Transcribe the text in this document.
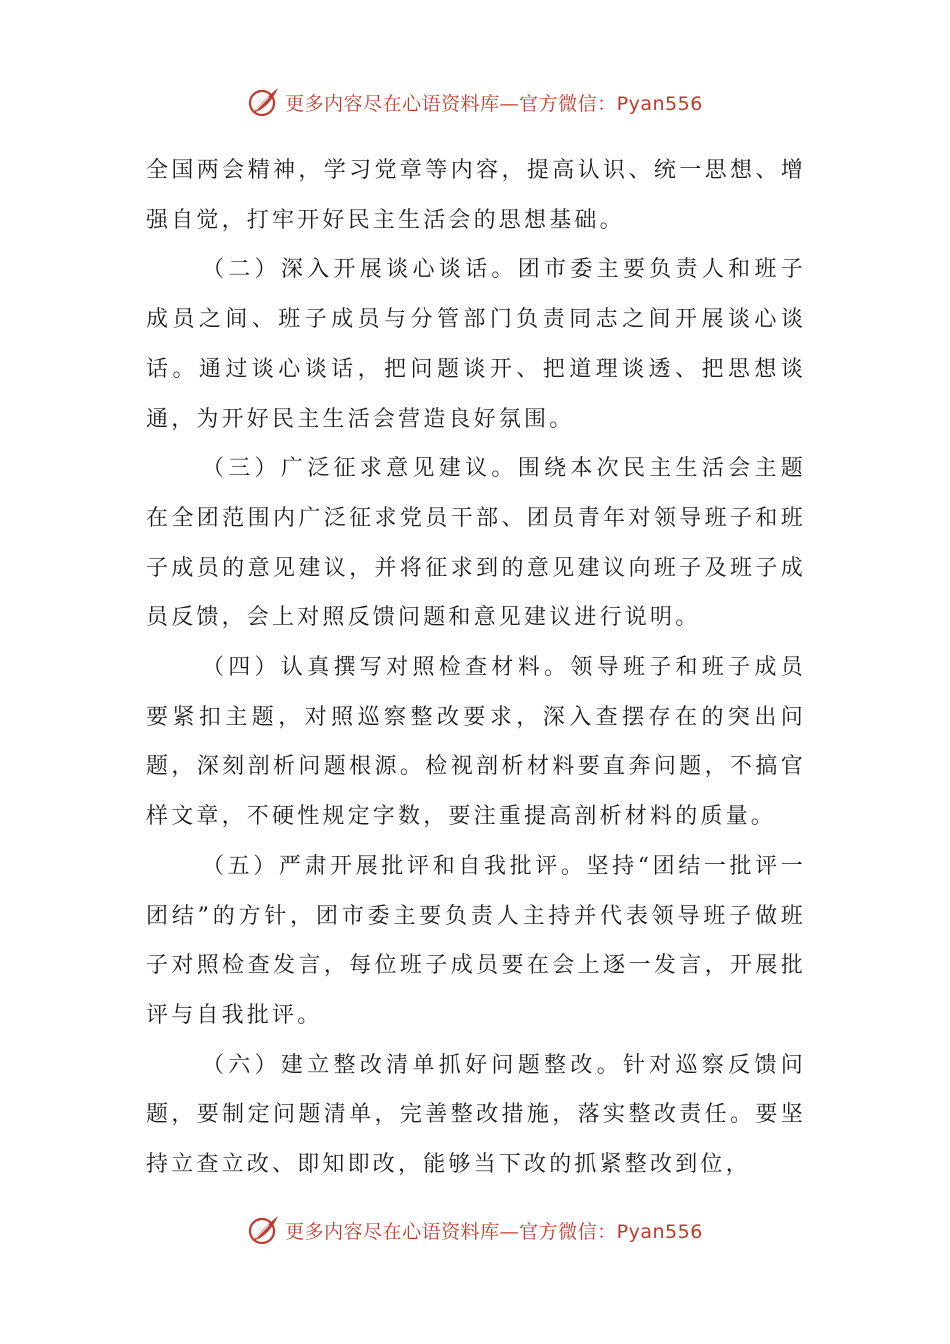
更多内容尽在心语资料库—官方微信：Pyan556

全国两会精神，学习党章等内容，提高认识、统一思想、增强自觉，打牢开好民主生活会的思想基础。

（二）深入开展谈心谈话。团市委主要负责人和班子成员之间、班子成员与分管部门负责同志之间开展谈心谈话。通过谈心谈话，把问题谈开、把道理谈透、把思想谈通，为开好民主生活会营造良好氛围。

（三）广泛征求意见建议。围绕本次民主生活会主题在全团范围内广泛征求党员干部、团员青年对领导班子和班子成员的意见建议，并将征求到的意见建议向班子及班子成员反馈，会上对照反馈问题和意见建议进行说明。

（四）认真撰写对照检查材料。领导班子和班子成员要紧扣主题，对照巡察整改要求，深入查摆存在的突出问题，深刻剖析问题根源。检视剖析材料要直奔问题，不搞官样文章，不硬性规定字数，要注重提高剖析材料的质量。

（五）严肃开展批评和自我批评。坚持“团结一批评一团结”的方针，团市委主要负责人主持并代表领导班子做班子对照检查发言，每位班子成员要在会上逐一发言，开展批评与自我批评。

（六）建立整改清单抓好问题整改。针对巡察反馈问题，要制定问题清单，完善整改措施，落实整改责任。要坚持立查立改、即知即改，能够当下改的抓紧整改到位，

更多内容尽在心语资料库—官方微信：Pyan556
